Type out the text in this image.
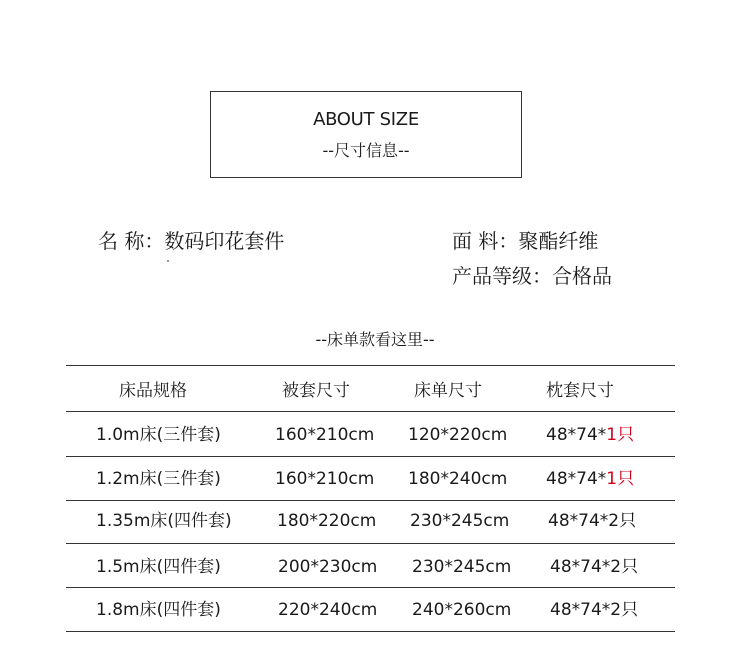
ABOUT SIZE
--尺寸信息--
名 称：数码印花套件	面 料：聚酯纤维
产品等级：合格品
--床单款看这里--
床品规格	被套尺寸	床单尺寸	枕套尺寸
1.0m床(三件套)	160*210cm 120*220cm 48*74*1只
1.2m床(三件套)	160*210cm 180*240cm 48*74*1只
1.35m床(四件套)	180*220cm 230*245cm 48*74*2只
1.5m床(四件套)	200*230cm 230*245cm 48*74*2只
1.8m床(四件套)	220*240cm 240*260cm 48*74*2只
